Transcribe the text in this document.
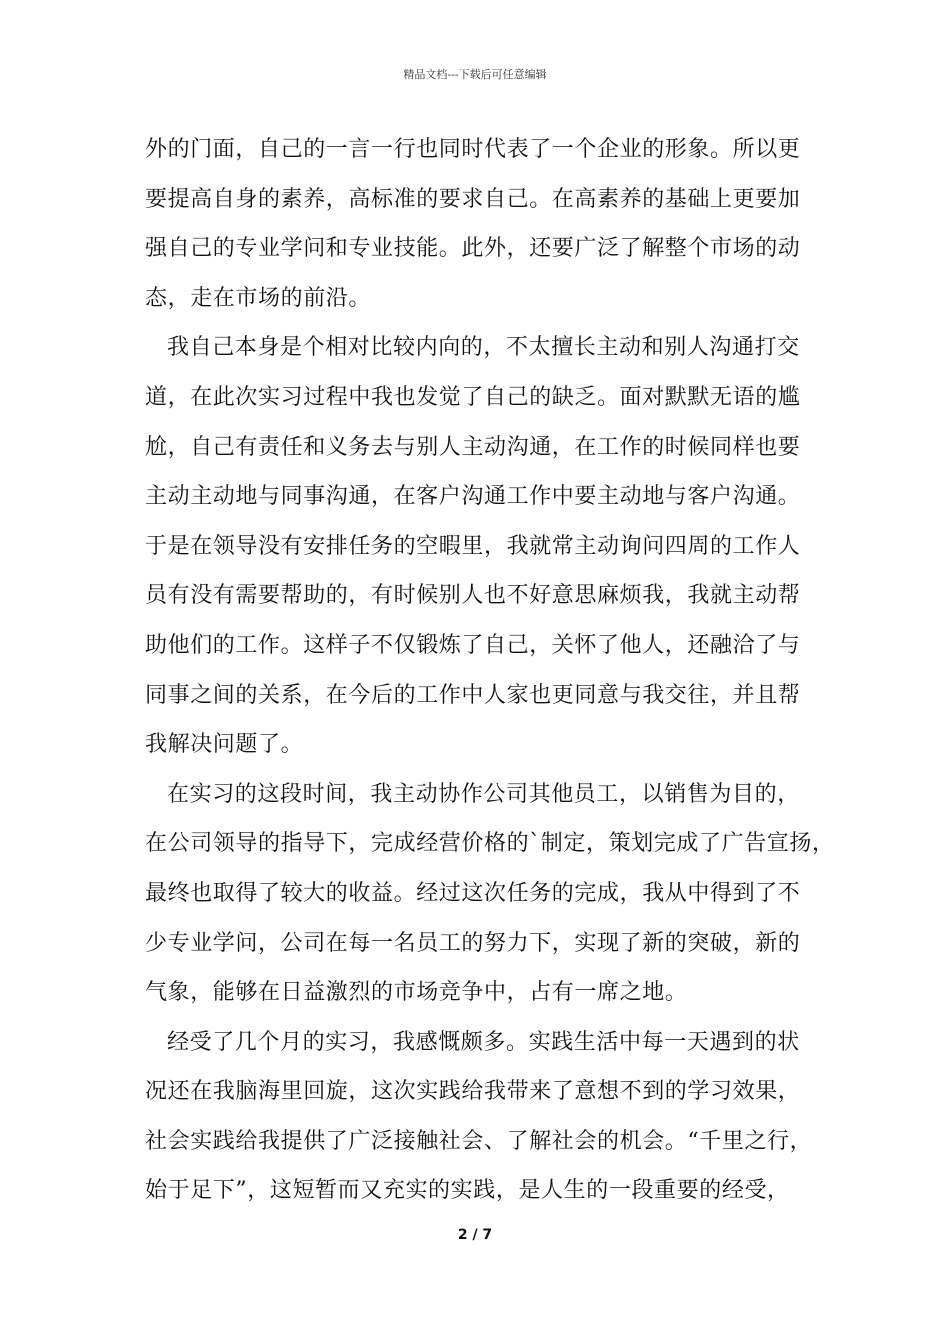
精品文档---下载后可任意编辑
外的门面，自己的一言一行也同时代表了一个企业的形象。所以更
要提高自身的素养，高标准的要求自己。在高素养的基础上更要加
强自己的专业学问和专业技能。此外，还要广泛了解整个市场的动
态，走在市场的前沿。
我自己本身是个相对比较内向的，不太擅长主动和别人沟通打交
道，在此次实习过程中我也发觉了自己的缺乏。面对默默无语的尴
尬，自己有责任和义务去与别人主动沟通，在工作的时候同样也要
主动主动地与同事沟通，在客户沟通工作中要主动地与客户沟通。
于是在领导没有安排任务的空暇里，我就常主动询问四周的工作人
员有没有需要帮助的，有时候别人也不好意思麻烦我，我就主动帮
助他们的工作。这样子不仅锻炼了自己，关怀了他人，还融洽了与
同事之间的关系，在今后的工作中人家也更同意与我交往，并且帮
我解决问题了。
在实习的这段时间，我主动协作公司其他员工，以销售为目的，
在公司领导的指导下，完成经营价格的`制定，策划完成了广告宣扬，
最终也取得了较大的收益。经过这次任务的完成，我从中得到了不
少专业学问，公司在每一名员工的努力下，实现了新的突破，新的
气象，能够在日益激烈的市场竞争中，占有一席之地。
经受了几个月的实习，我感慨颇多。实践生活中每一天遇到的状
况还在我脑海里回旋，这次实践给我带来了意想不到的学习效果，
社会实践给我提供了广泛接触社会、了解社会的机会。“千里之行，
始于足下”，这短暂而又充实的实践，是人生的一段重要的经受，
2 / 7
